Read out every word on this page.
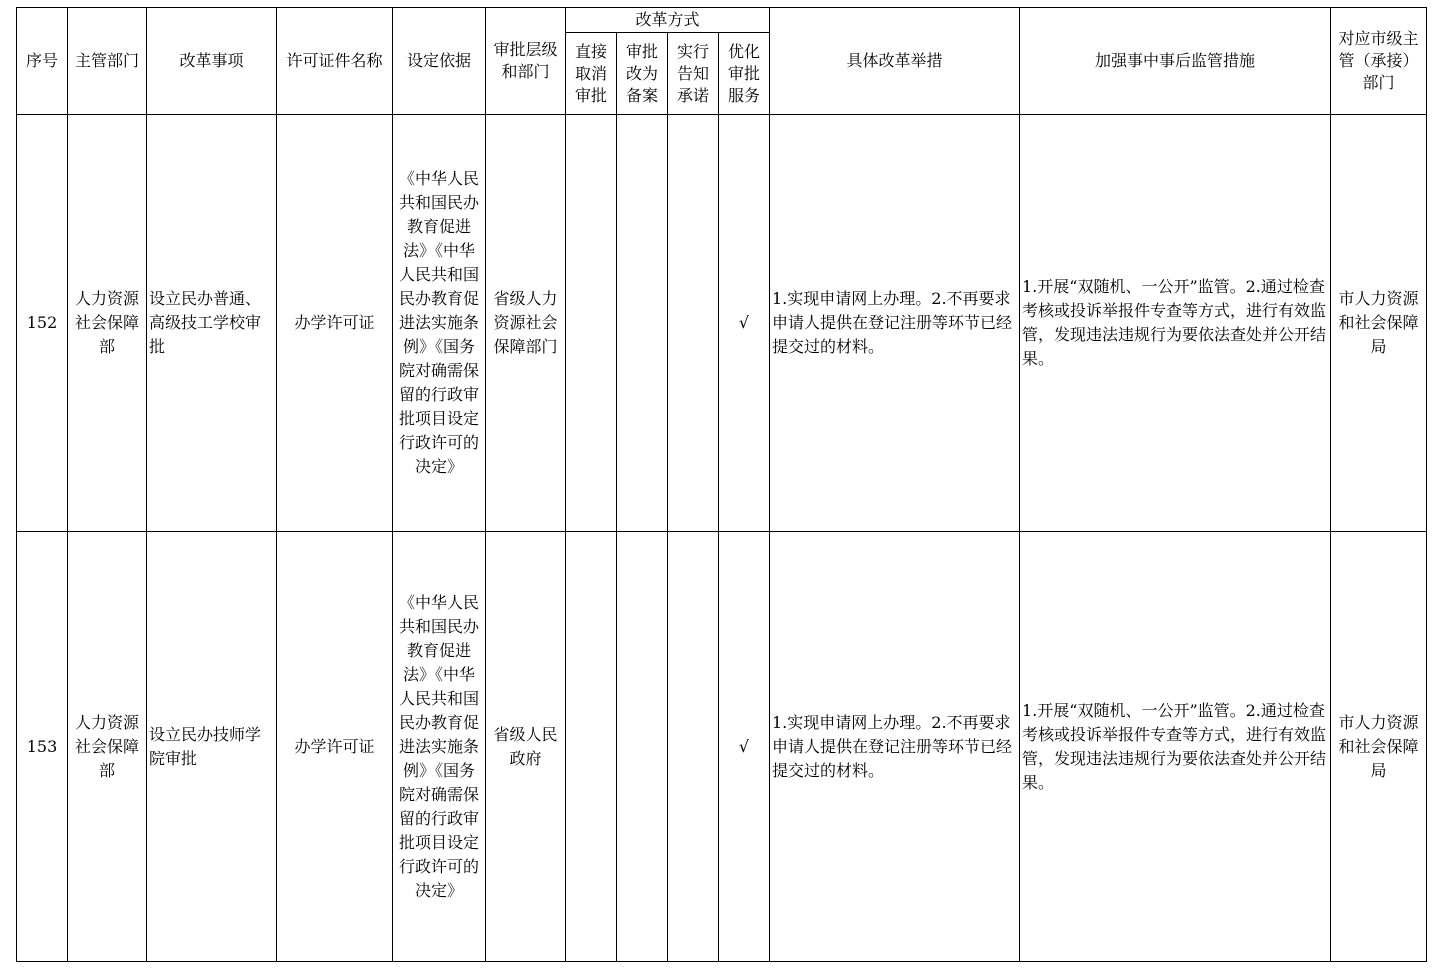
序号	主管部门	改革事项	许可证件名称	设定依据	审批层级和部门	改革方式				具体改革举措	加强事中事后监管措施	对应市级主管（承接）部门
						直接取消审批	审批改为备案	实行告知承诺	优化审批服务			
152	人力资源社会保障部	设立民办普通、高级技工学校审批	办学许可证	《中华人民共和国民办教育促进法》《中华人民共和国民办教育促进法实施条例》《国务院对确需保留的行政审批项目设定行政许可的决定》	省级人力资源社会保障部门				√	1.实现申请网上办理。2.不再要求申请人提供在登记注册等环节已经提交过的材料。	1.开展“双随机、一公开”监管。2.通过检查考核或投诉举报件专查等方式，进行有效监管，发现违法违规行为要依法查处并公开结果。	市人力资源和社会保障局
153	人力资源社会保障部	设立民办技师学院审批	办学许可证	《中华人民共和国民办教育促进法》《中华人民共和国民办教育促进法实施条例》《国务院对确需保留的行政审批项目设定行政许可的决定》	省级人民政府				√	1.实现申请网上办理。2.不再要求申请人提供在登记注册等环节已经提交过的材料。	1.开展“双随机、一公开”监管。2.通过检查考核或投诉举报件专查等方式，进行有效监管，发现违法违规行为要依法查处并公开结果。	市人力资源和社会保障局
